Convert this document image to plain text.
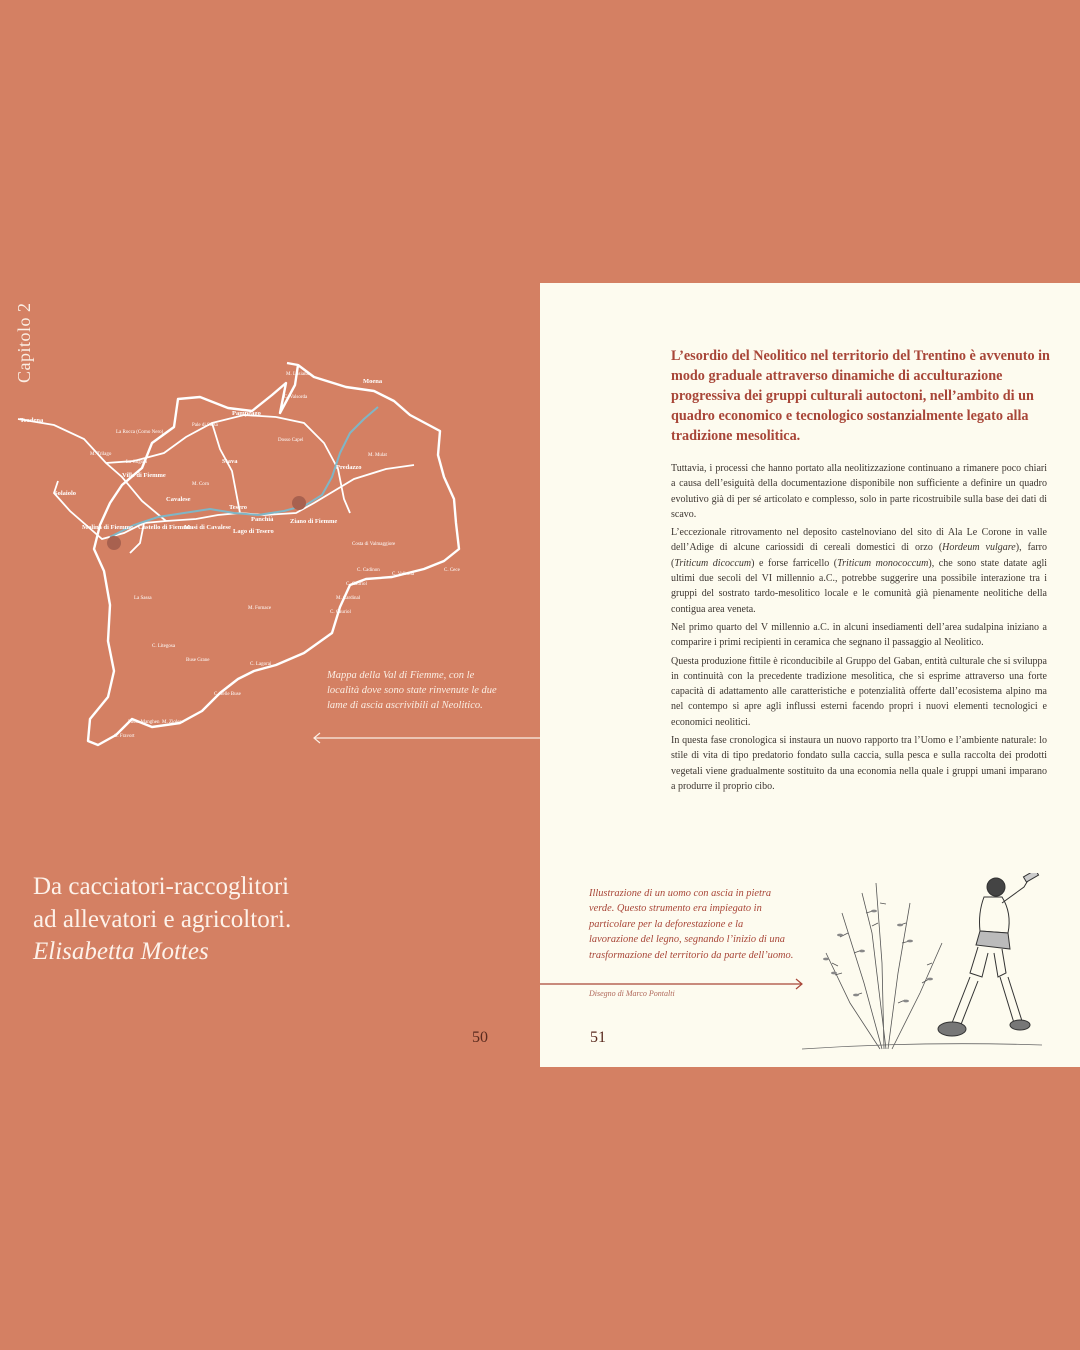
Capitolo 2
Trodena
Pampeago
Moena
Stava
Ville di Fiemme
Predazzo
Solaiolo
Cavalese
Tesero
Ziano di Fiemme
Molina di Fiemme Castello di Fiemme
Masi di Cavalese
Lago di Tesero
Panchià
M. Lusiana
C. Valsorda
Pale di Sarsa
La Rocca (Corno Nero)
M. Trilago
La Cugola
Dosso Capel
M. Mulat
M. Corn
Costa di Valmaggiore
C. Cadinon
C. Valbona
C. Cece
C. Cauriol
M. Cardinal
C. Cauriol
La Sassa
M. Fornace
C. Litegosa
Buse Grane
C. Lagorai
C. delle Buse
Passo Manghen M. Ziolera
C. Fravort
Mappa della Val di Fiemme, con le località dove sono state rinvenute le due lame di ascia ascrivibili al Neolitico.
Da cacciatori-raccoglitori
ad allevatori e agricoltori.
Elisabetta Mottes
50
L’esordio del Neolitico nel territorio del Trentino è avvenuto in modo graduale attraverso dinamiche di acculturazione progressiva dei gruppi culturali autoctoni, nell’ambito di un quadro economico e tecnologico sostanzialmente legato alla tradizione mesolitica.

Tuttavia, i processi che hanno portato alla neolitizzazione continuano a rimanere poco chiari a causa dell’esiguità della documentazione disponibile non sufficiente a definire un quadro evolutivo già di per sé articolato e complesso, solo in parte ricostruibile sulla base dei dati di scavo.

L’eccezionale ritrovamento nel deposito castelnoviano del sito di Ala Le Corone in valle dell’Adige di alcune cariossidi di cereali domestici di orzo (Hordeum vulgare), farro (Triticum dicoccum) e forse farricello (Triticum monococcum), che sono state datate agli ultimi due secoli del VI millennio a.C., potrebbe suggerire una possibile interazione tra i gruppi del sostrato tardo-mesolitico locale e le comunità già pienamente neolitiche della contigua area veneta.

Nel primo quarto del V millennio a.C. in alcuni insediamenti dell’area sudalpina iniziano a comparire i primi recipienti in ceramica che segnano il passaggio al Neolitico.

Questa produzione fittile è riconducibile al Gruppo del Gaban, entità culturale che si sviluppa in continuità con la precedente tradizione mesolitica, che si esprime attraverso una forte capacità di adattamento alle caratteristiche e potenzialità offerte dall’ecosistema alpino ma nel contempo si apre agli influssi esterni facendo propri i nuovi elementi tecnologici e economici neolitici.

In questa fase cronologica si instaura un nuovo rapporto tra l’Uomo e l’ambiente naturale: lo stile di vita di tipo predatorio fondato sulla caccia, sulla pesca e sulla raccolta dei prodotti vegetali viene gradualmente sostituito da una economia nella quale i gruppi umani imparano a produrre il proprio cibo.

Illustrazione di un uomo con ascia in pietra verde. Questo strumento era impiegato in particolare per la deforestazione e la lavorazione del legno, segnando l’inizio di una trasformazione del territorio da parte dell’uomo.
Disegno di Marco Pontalti
51
